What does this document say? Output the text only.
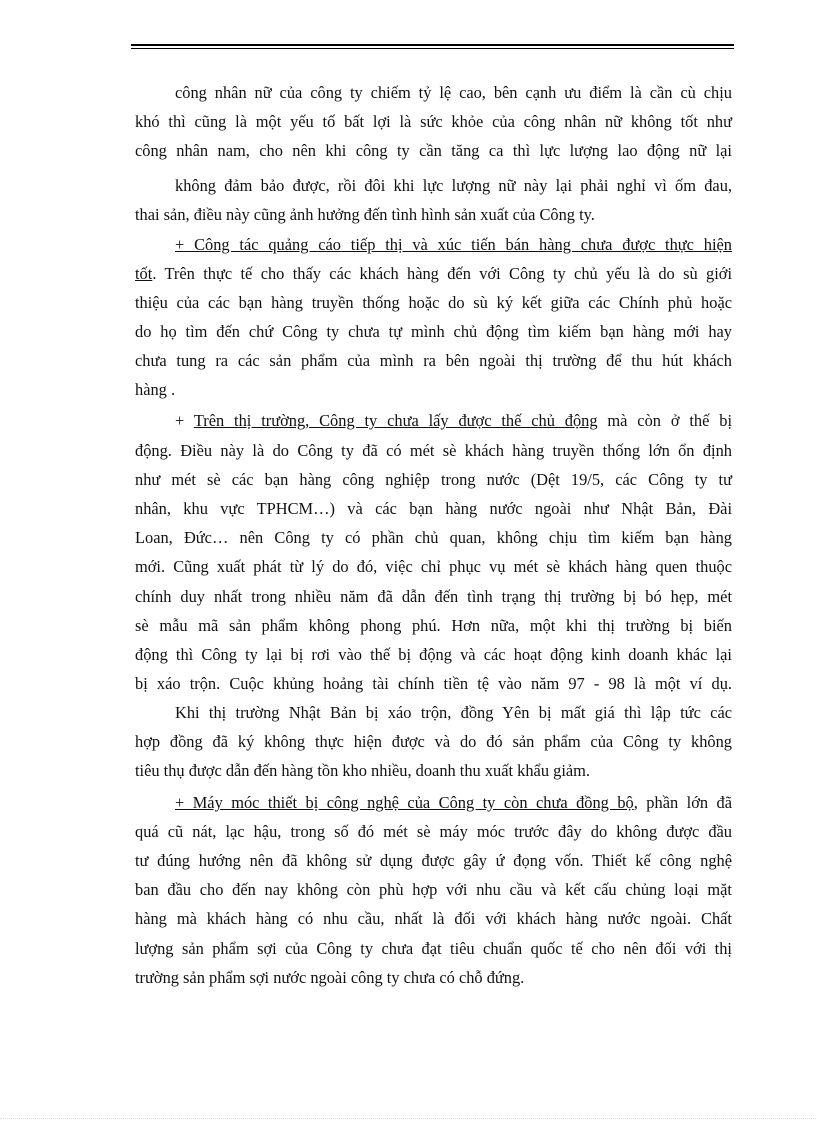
công nhân nữ của công ty chiếm tỷ lệ cao, bên cạnh ưu điểm là cần cù chịu
khó thì cũng là một yếu tố bất lợi là sức khỏe của công nhân nữ không tốt như
công nhân nam, cho nên khi công ty cần tăng ca thì lực lượng lao động nữ lại
không đảm bảo được, rồi đôi khi lực lượng nữ này lại phải nghỉ vì ốm đau,
thai sản, điều này cũng ảnh hưởng đến tình hình sản xuất của Công ty.
+ Công tác quảng cáo tiếp thị và xúc tiến bán hàng chưa được thực hiện
tốt. Trên thực tế cho thấy các khách hàng đến với Công ty chủ yếu là do sù giới
thiệu của các bạn hàng truyền thống hoặc do sù ký kết giữa các Chính phủ hoặc
do họ tìm đến chứ Công ty chưa tự mình chủ động tìm kiếm bạn hàng mới hay
chưa tung ra các sản phẩm của mình ra bên ngoài thị trường để thu hút khách
hàng .
+ Trên thị trường, Công ty chưa lấy được thế chủ động mà còn ở thế bị
động. Điều này là do Công ty đã có mét sè khách hàng truyền thống lớn ổn định
như mét sè các bạn hàng công nghiệp trong nước (Dệt 19/5, các Công ty tư
nhân, khu vực TPHCM…) và các bạn hàng nước ngoài như Nhật Bản, Đài
Loan, Đức… nên Công ty có phần chủ quan, không chịu tìm kiếm bạn hàng
mới. Cũng xuất phát từ lý do đó, việc chỉ phục vụ mét sè khách hàng quen thuộc
chính duy nhất trong nhiều năm đã dẫn đến tình trạng thị trường bị bó hẹp, mét
sè mẫu mã sản phẩm không phong phú. Hơn nữa, một khi thị trường bị biến
động thì Công ty lại bị rơi vào thế bị động và các hoạt động kinh doanh khác lại
bị xáo trộn. Cuộc khủng hoảng tài chính tiền tệ vào năm 97 - 98 là một ví dụ.
Khi thị trường Nhật Bản bị xáo trộn, đồng Yên bị mất giá thì lập tức các
hợp đồng đã ký không thực hiện được và do đó sản phẩm của Công ty không
tiêu thụ được dẫn đến hàng tồn kho nhiều, doanh thu xuất khẩu giảm.
+ Máy móc thiết bị công nghệ của Công ty còn chưa đồng bộ, phần lớn đã
quá cũ nát, lạc hậu, trong số đó mét sè máy móc trước đây do không được đầu
tư đúng hướng nên đã không sử dụng được gây ứ đọng vốn. Thiết kế công nghệ
ban đầu cho đến nay không còn phù hợp với nhu cầu và kết cấu chủng loại mặt
hàng mà khách hàng có nhu cầu, nhất là đối với khách hàng nước ngoài. Chất
lượng sản phẩm sợi của Công ty chưa đạt tiêu chuẩn quốc tế cho nên đối với thị
trường sản phẩm sợi nước ngoài công ty chưa có chỗ đứng.
